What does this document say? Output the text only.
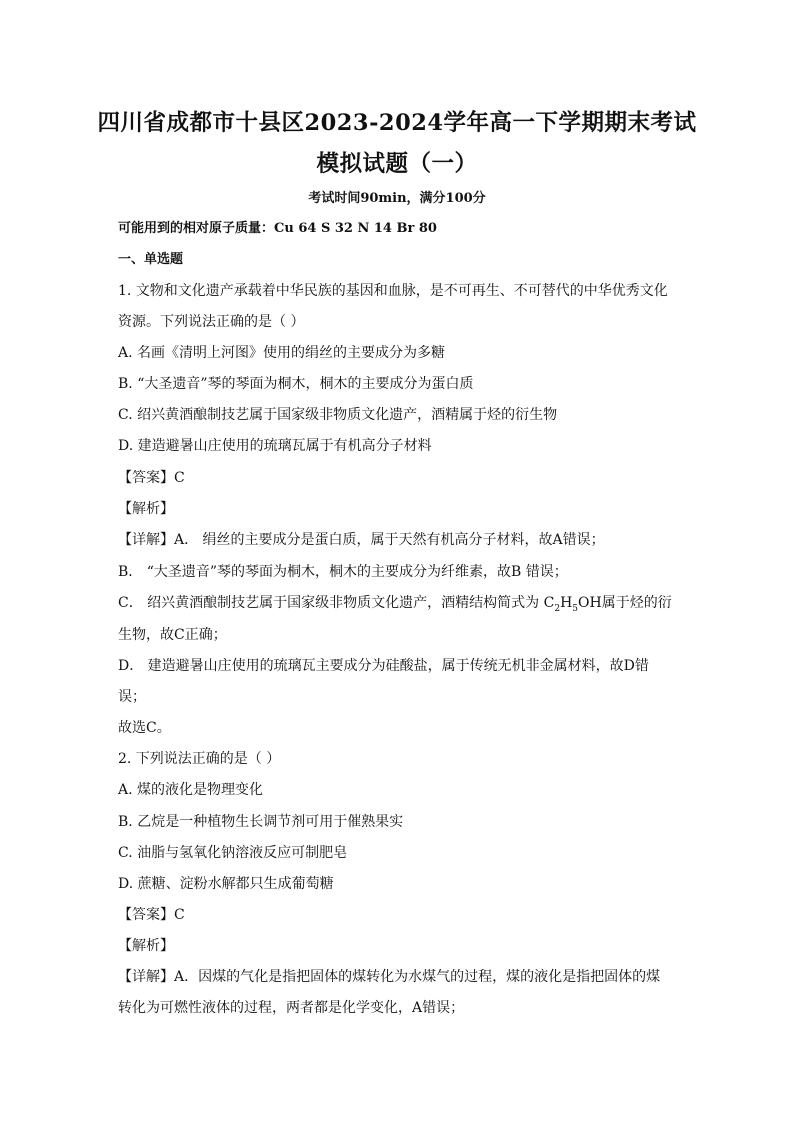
四川省成都市十县区2023-2024学年高一下学期期末考试
模拟试题（一）
考试时间90min，满分100分
可能用到的相对原子质量：Cu 64 S 32 N 14 Br 80
一、单选题
1. 文物和文化遗产承载着中华民族的基因和血脉，是不可再生、不可替代的中华优秀文化
资源。下列说法正确的是（ ）
A. 名画《清明上河图》使用的绢丝的主要成分为多糖
B. “大圣遗音”琴的琴面为桐木，桐木的主要成分为蛋白质
C. 绍兴黄酒酿制技艺属于国家级非物质文化遗产，酒精属于烃的衍生物
D. 建造避暑山庄使用的琉璃瓦属于有机高分子材料
【答案】C
【解析】
【详解】A． 绢丝的主要成分是蛋白质，属于天然有机高分子材料，故A错误；
B． “大圣遗音”琴的琴面为桐木，桐木的主要成分为纤维素，故B 错误；
C． 绍兴黄酒酿制技艺属于国家级非物质文化遗产，酒精结构简式为 $C_2H_5OH$属于烃的衍
生物，故C正确；
D． 建造避暑山庄使用的琉璃瓦主要成分为硅酸盐，属于传统无机非金属材料，故D错
误；
故选C。
2. 下列说法正确的是（ ）
A. 煤的液化是物理变化
B. 乙烷是一种植物生长调节剂可用于催熟果实
C. 油脂与氢氧化钠溶液反应可制肥皂
D. 蔗糖、淀粉水解都只生成葡萄糖
【答案】C
【解析】
【详解】A．因煤的气化是指把固体的煤转化为水煤气的过程，煤的液化是指把固体的煤
转化为可燃性液体的过程，两者都是化学变化，A错误；
